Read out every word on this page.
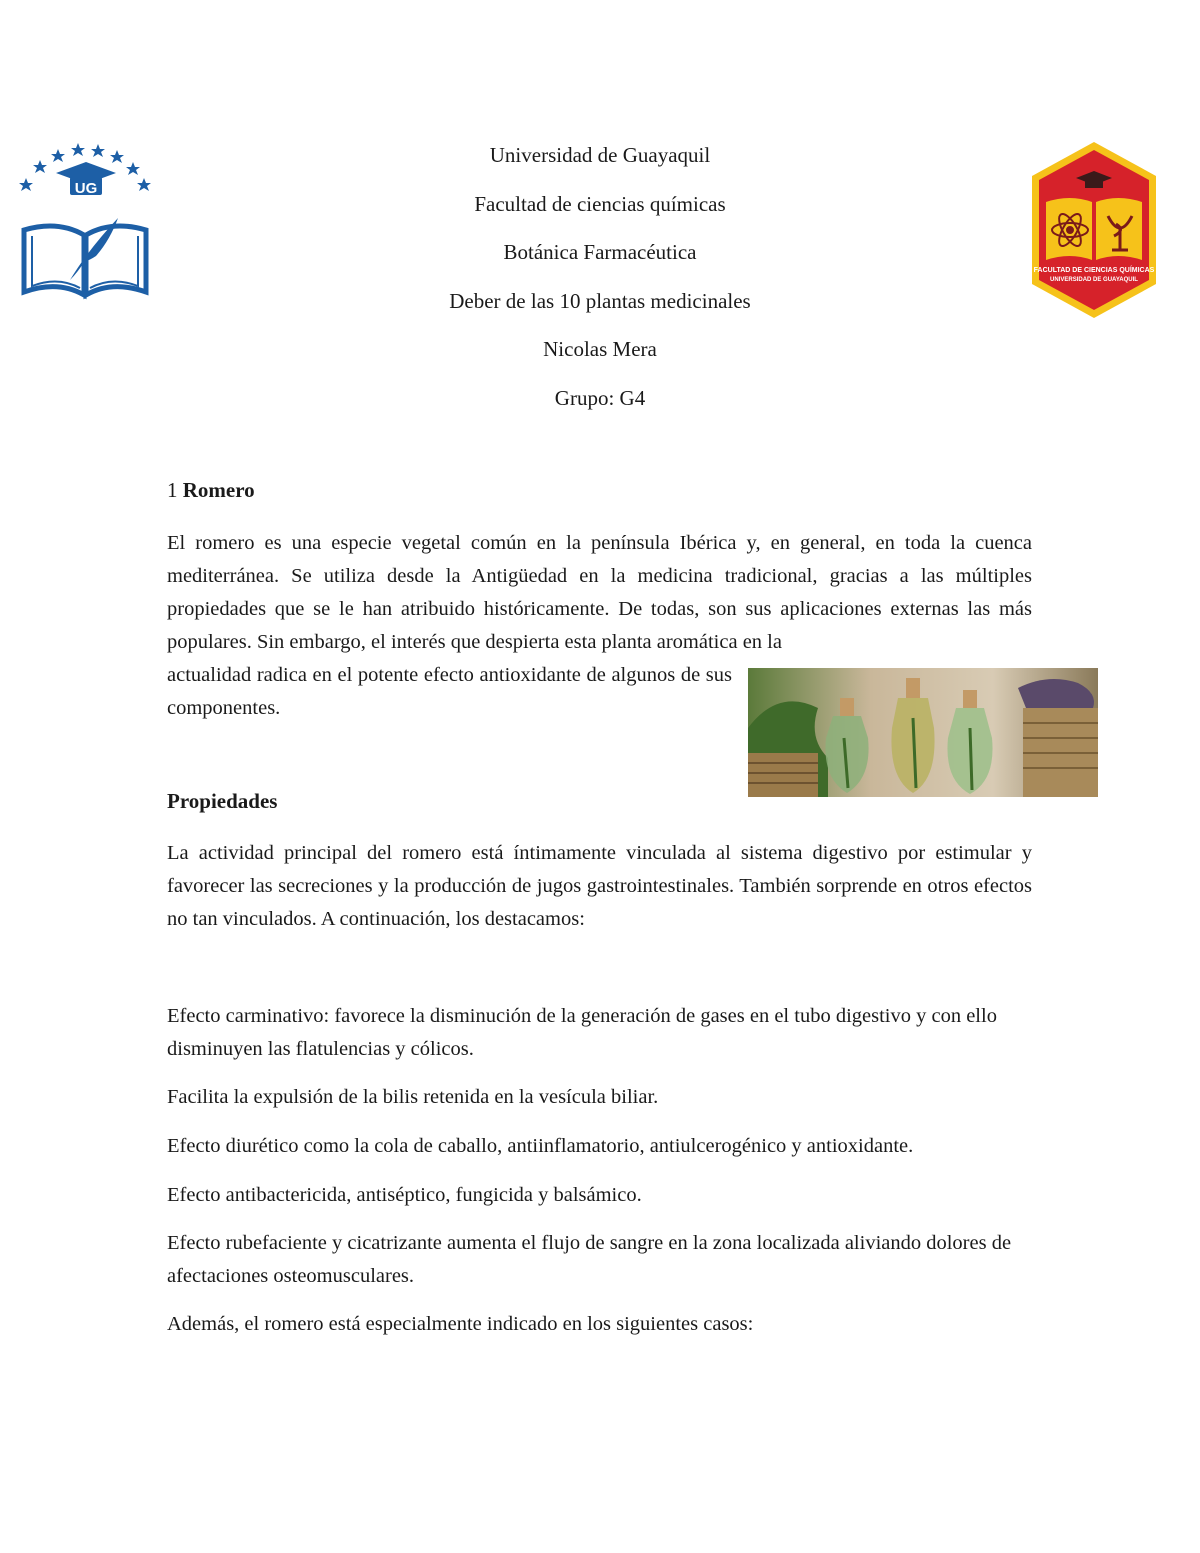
UG
FACULTAD DE CIENCIAS QUÍMICAS
UNIVERSIDAD DE GUAYAQUIL
Universidad de Guayaquil
Facultad de ciencias químicas
Botánica Farmacéutica
Deber de las 10 plantas medicinales
Nicolas Mera
Grupo: G4
1 Romero
El romero es una especie vegetal común en la península Ibérica y, en general, en toda la cuenca mediterránea. Se utiliza desde la Antigüedad en la medicina tradicional, gracias a las múltiples propiedades que se le han atribuido históricamente. De todas, son sus aplicaciones externas las más populares. Sin embargo, el interés que despierta esta planta aromática en la
actualidad radica en el potente efecto antioxidante de algunos de sus componentes.
Propiedades
La actividad principal del romero está íntimamente vinculada al sistema digestivo por estimular y favorecer las secreciones y la producción de jugos gastrointestinales. También sorprende en otros efectos no tan vinculados. A continuación, los destacamos:
Efecto carminativo: favorece la disminución de la generación de gases en el tubo digestivo y con ello disminuyen las flatulencias y cólicos.
Facilita la expulsión de la bilis retenida en la vesícula biliar.
Efecto diurético como la cola de caballo, antiinflamatorio, antiulcerogénico y antioxidante.
Efecto antibactericida, antiséptico, fungicida y balsámico.
Efecto rubefaciente y cicatrizante aumenta el flujo de sangre en la zona localizada aliviando dolores de afectaciones osteomusculares.
Además, el romero está especialmente indicado en los siguientes casos:
